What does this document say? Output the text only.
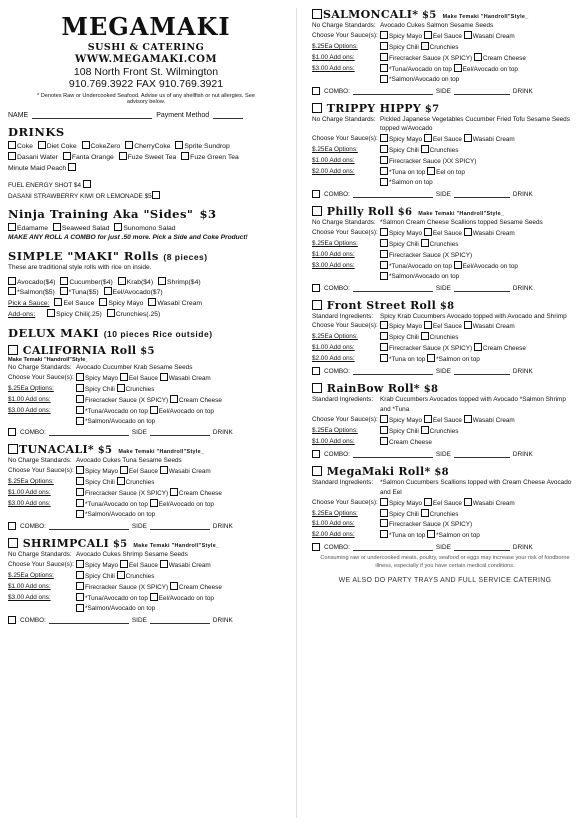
MEGAMAKI
SUSHI & CATERING
WWW.MEGAMAKI.COM
108 North Front St. Wilmington
910.769.3922 FAX 910.769.3921
* Denotes Raw or Undercooked Seafood. Advise us of any shellfish or nut allergies. See advisory below.
NAME	Payment Method
DRINKS
Coke Diet Coke CokeZero CherryCoke Sprite Sundrop
Dasani Water Fanta Orange Fuze Sweet Tea Fuze Green Tea
Minute Maid Peach
FUEL ENERGY SHOT $4
DASANI STRAWBERRY KIWI OR LEMONADE $5
Ninja Training Aka "Sides" $3
Edamame Seaweed Salad Sunomono Salad
MAKE ANY ROLL A COMBO for just .50 more. Pick a Side and Coke Product!
SIMPLE "MAKI" Rolls (8 pieces)
These are traditional style rolls with rice on inside.
Avocado($4) Cucumber($4) Krab($4) Shrimp($4)
*Salmon($5) *Tuna($5) Eel/Avocado($7)
Pick a Sauce: Eel Sauce Spicy Mayo Wasabi Cream
Add-ons:	Spicy Chili(.25) Crunchies(.25)
DELUX MAKI (10 pieces Rice outside)
CALIFORNIA Roll $5
Make Temaki "Handroll"Style_
No Charge Standards: Avocado Cucumber Krab Sesame Seeds
Choose Your Sauce(s):	Spicy Mayo Eel Sauce Wasabi Cream
$.25Ea Options:	Spicy Chili Crunchies
$1.00 Add ons:	Firecracker Sauce (X SPICY) Cream Cheese
$3.00 Add ons:	*Tuna/Avocado on top Eel/Avocado on top
*Salmon/Avocado on top
COMBO:	SIDE	DRINK
TUNACALI* $5 Make Temaki "Handroll"Style_
No Charge Standards: Avocado Cukes Tuna Sesame Seeds
Choose Your Sauce(s):	Spicy Mayo Eel Sauce Wasabi Cream
$.25Ea Options:	Spicy Chili Crunchies
$1.00 Add ons:	Firecracker Sauce (X SPICY) Cream Cheese
$3.00 Add ons:	*Tuna/Avocado on top Eel/Avocado on top
*Salmon/Avocado on top
COMBO:	SIDE	DRINK
SHRIMPCALI $5 Make Temaki "Handroll"Style_
No Charge Standards: Avocado Cukes Shrimp Sesame Seeds
Choose Your Sauce(s):	Spicy Mayo Eel Sauce Wasabi Cream
$.25Ea Options:	Spicy Chili Crunchies
$1.00 Add ons:	Firecracker Sauce (X SPICY) Cream Cheese
$3.00 Add ons:	*Tuna/Avocado on top Eel/Avocado on top
*Salmon/Avocado on top
COMBO:	SIDE	DRINK
SALMONCALI* $5 Make Temaki "Handroll"Style_
No Charge Standards: Avocado Cukes Salmon Sesame Seeds
Choose Your Sauce(s):	Spicy Mayo Eel Sauce Wasabi Cream
$.25Ea Options:	Spicy Chili Crunchies
$1.00 Add ons:	Firecracker Sauce (X SPICY) Cream Cheese
$3.00 Add ons:	*Tuna/Avocado on top Eel/Avocado on top
*Salmon/Avocado on top
COMBO:	SIDE	DRINK
TRIPPY HIPPY $7
No Charge Standards: Pickled Japanese Vegetables Cucumber Fried Tofu Sesame Seeds topped w/Avocado
Choose Your Sauce(s):	Spicy Mayo Eel Sauce Wasabi Cream
$.25Ea Options:	Spicy Chili Crunchies
$1.00 Add ons:	Firecracker Sauce (XX SPICY)
$2.00 Add ons:	*Tuna on top Eel on top
*Salmon on top
COMBO:	SIDE	DRINK
Philly Roll $6 Make Temaki "Handroll"Style_
No Charge Standards: *Salmon Cream Cheese Scallions topped Sesame Seeds
Choose Your Sauce(s):	Spicy Mayo Eel Sauce Wasabi Cream
$.25Ea Options:	Spicy Chili Crunchies
$1.00 Add ons:	Firecracker Sauce (X SPICY)
$3.00 Add ons:	*Tuna/Avocado on top Eel/Avocado on top
*Salmon/Avocado on top
COMBO:	SIDE	DRINK
Front Street Roll $8
Standard Ingredients:	Spicy Krab Cucumbers Avocado topped with Avocado and Shrimp
Choose Your Sauce(s):	Spicy Mayo Eel Sauce Wasabi Cream
$.25Ea Options:	Spicy Chili Crunchies
$1.00 Add ons:	Firecracker Sauce (X SPICY) Cream Cheese
$2.00 Add ons:	*Tuna on top *Salmon on top
COMBO:	SIDE	DRINK
RainBow Roll* $8
Standard Ingredients:	Krab Cucumbers Avocados topped with Avocado *Salmon Shrimp and *Tuna
Choose Your Sauce(s):	Spicy Mayo Eel Sauce Wasabi Cream
$.25Ea Options:	Spicy Chili Crunchies
$1.00 Add ons:	Cream Cheese
COMBO:	SIDE	DRINK
MegaMaki Roll* $8
Standard Ingredients:	*Salmon Cucumbers Scallions topped with Cream Cheese Avocado and Eel
Choose Your Sauce(s):	Spicy Mayo Eel Sauce Wasabi Cream
$.25Ea Options:	Spicy Chili Crunchies
$1.00 Add ons:	Firecracker Sauce (X SPICY)
$2.00 Add ons:	*Tuna on top *Salmon on top
COMBO:	SIDE	DRINK
Consuming raw or undercooked meats, poultry, seafood or eggs may increase your risk of foodborne illness, especially if you have certain medical conditions.
WE ALSO DO PARTY TRAYS AND FULL SERVICE CATERING
